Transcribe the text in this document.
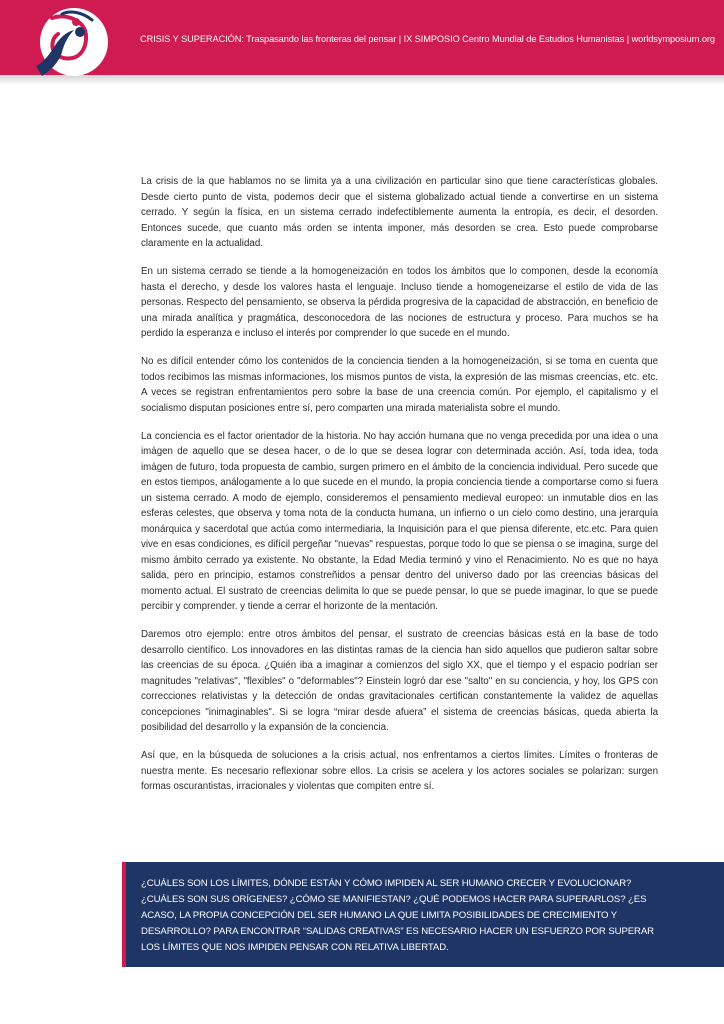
CRISIS Y SUPERACIÓN: Traspasando las fronteras del pensar | IX SIMPOSIO Centro Mundial de Estudios Humanistas | worldsymposium.org

La crisis de la que hablamos no se limita ya a una civilización en particular sino que tiene características globales. Desde cierto punto de vista, podemos decir que el sistema globalizado actual tiende a convertirse en un sistema cerrado. Y según la física, en un sistema cerrado indefectiblemente aumenta la entropía, es decir, el desorden. Entonces sucede, que cuanto más orden se intenta imponer, más desorden se crea. Esto puede comprobarse claramente en la actualidad.

En un sistema cerrado se tiende a la homogeneización en todos los ámbitos que lo componen, desde la economía hasta el derecho, y desde los valores hasta el lenguaje. Incluso tiende a homogeneizarse el estilo de vida de las personas. Respecto del pensamiento, se observa la pérdida progresiva de la capacidad de abstracción, en beneficio de una mirada analítica y pragmática, desconocedora de las nociones de estructura y proceso. Para muchos se ha perdido la esperanza e incluso el interés por comprender lo que sucede en el mundo.

No es difícil entender cómo los contenidos de la conciencia tienden a la homogeneización, si se toma en cuenta que todos recibimos las mismas informaciones, los mismos puntos de vista, la expresión de las mismas creencias, etc. etc. A veces se registran enfrentamientos pero sobre la base de una creencia común. Por ejemplo, el capitalismo y el socialismo disputan posiciones entre sí, pero comparten una mirada materialista sobre el mundo.

La conciencia es el factor orientador de la historia. No hay acción humana que no venga precedida por una idea o una imágen de aquello que se desea hacer, o de lo que se desea lograr con determinada acción. Así, toda idea, toda imágen de futuro, toda propuesta de cambio, surgen primero en el ámbito de la conciencia individual. Pero sucede que en estos tiempos, análogamente a lo que sucede en el mundo, la propia conciencia tiende a comportarse como si fuera un sistema cerrado. A modo de ejemplo, consideremos el pensamiento medieval europeo: un inmutable dios en las esferas celestes, que observa y toma nota de la conducta humana, un infierno o un cielo como destino, una jerarquía monárquica y sacerdotal que actúa como intermediaria, la Inquisición para el que piensa diferente, etc.etc. Para quien vive en esas condiciones, es difícil pergeñar "nuevas" respuestas, porque todo lo que se piensa o se imagina, surge del mismo ámbito cerrado ya existente. No obstante, la Edad Media terminó y vino el Renacimiento. No es que no haya salida, pero en principio, estamos constreñidos a pensar dentro del universo dado por las creencias básicas del momento actual. El sustrato de creencias delimita lo que se puede pensar, lo que se puede imaginar, lo que se puede percibir y comprender. y tiende a cerrar el horizonte de la mentación.

Daremos otro ejemplo: entre otros ámbitos del pensar, el sustrato de creencias básicas está en la base de todo desarrollo científico. Los innovadores en las distintas ramas de la ciencia han sido aquellos que pudieron saltar sobre las creencias de su época. ¿Quién iba a imaginar a comienzos del siglo XX, que el tiempo y el espacio podrían ser magnitudes "relativas", "flexibles" o "deformables"? Einstein logró dar ese "salto" en su conciencia, y hoy, los GPS con correcciones relativistas y la detección de ondas gravitacionales certifican constantemente la validez de aquellas concepciones "inimaginables". Si se logra “mirar desde afuera” el sistema de creencias básicas, queda abierta la posibilidad del desarrollo y la expansión de la conciencia.

Así que, en la búsqueda de soluciones a la crisis actual, nos enfrentamos a ciertos límites. Límites o fronteras de nuestra mente. Es necesario reflexionar sobre ellos. La crisis se acelera y los actores sociales se polarizan: surgen formas oscurantistas, irracionales y violentas que compiten entre sí.

¿CUÁLES SON LOS LÍMITES, DÓNDE ESTÁN Y CÓMO IMPIDEN AL SER HUMANO CRECER Y EVOLUCIONAR? ¿CUÁLES SON SUS ORÍGENES? ¿CÓMO SE MANIFIESTAN? ¿QUÉ PODEMOS HACER PARA SUPERARLOS? ¿ES ACASO, LA PROPIA CONCEPCIÓN DEL SER HUMANO LA QUE LIMITA POSIBILIDADES DE CRECIMIENTO Y DESARROLLO? PARA ENCONTRAR “SALIDAS CREATIVAS” ES NECESARIO HACER UN ESFUERZO POR SUPERAR LOS LÍMITES QUE NOS IMPIDEN PENSAR CON RELATIVA LIBERTAD.
